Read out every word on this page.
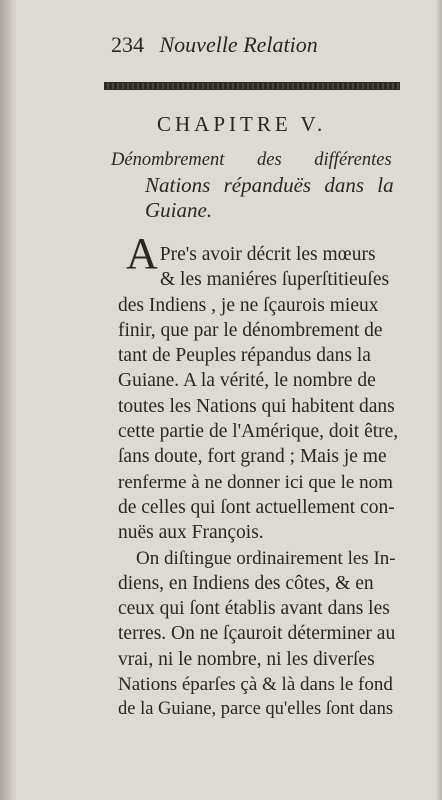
234 Nouvelle Relation
CHAPITRE V.
Dénombrement des différentes
Nations répanduës dans la
Guiane.
A Pre's avoir décrit les mœurs
& les maniéres ſuperſtitieuſes
des Indiens , je ne ſçaurois mieux
finir, que par le dénombrement de
tant de Peuples répandus dans la
Guiane. A la vérité, le nombre de
toutes les Nations qui habitent dans
cette partie de l'Amérique, doit être,
ſans doute, fort grand ; Mais je me
renferme à ne donner ici que le nom
de celles qui ſont actuellement con-
nuës aux François.
On diſtingue ordinairement les In-
diens, en Indiens des côtes, & en
ceux qui ſont établis avant dans les
terres. On ne ſçauroit déterminer au
vrai, ni le nombre, ni les diverſes
Nations éparſes çà & là dans le fond
de la Guiane, parce qu'elles ſont dans
